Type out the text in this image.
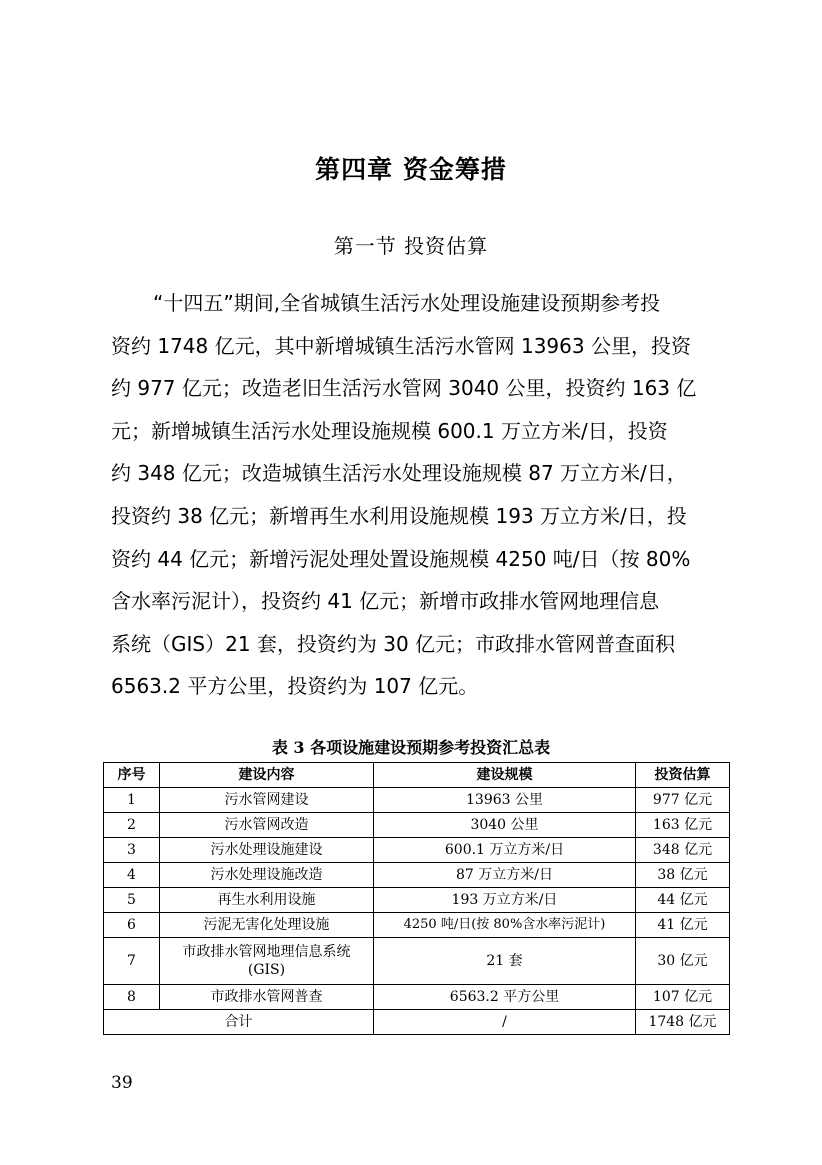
第四章 资金筹措
第一节 投资估算
“十四五”期间,全省城镇生活污水处理设施建设预期参考投
资约 1748 亿元，其中新增城镇生活污水管网 13963 公里，投资
约 977 亿元；改造老旧生活污水管网 3040 公里，投资约 163 亿
元；新增城镇生活污水处理设施规模 600.1 万立方米/日，投资
约 348 亿元；改造城镇生活污水处理设施规模 87 万立方米/日，
投资约 38 亿元；新增再生水利用设施规模 193 万立方米/日，投
资约 44 亿元；新增污泥处理处置设施规模 4250 吨/日（按 80%
含水率污泥计），投资约 41 亿元；新增市政排水管网地理信息
系统（GIS）21 套，投资约为 30 亿元；市政排水管网普查面积
6563.2 平方公里，投资约为 107 亿元。
表 3 各项设施建设预期参考投资汇总表
序号	建设内容	建设规模	投资估算
1	污水管网建设	13963 公里	977 亿元
2	污水管网改造	3040 公里	163 亿元
3	污水处理设施建设	600.1 万立方米/日	348 亿元
4	污水处理设施改造	87 万立方米/日	38 亿元
5	再生水利用设施	193 万立方米/日	44 亿元
6	污泥无害化处理设施	4250 吨/日(按 80%含水率污泥计)	41 亿元
7	市政排水管网地理信息系统(GIS)	21 套	30 亿元
8	市政排水管网普查	6563.2 平方公里	107 亿元
合计		/	1748 亿元
39
